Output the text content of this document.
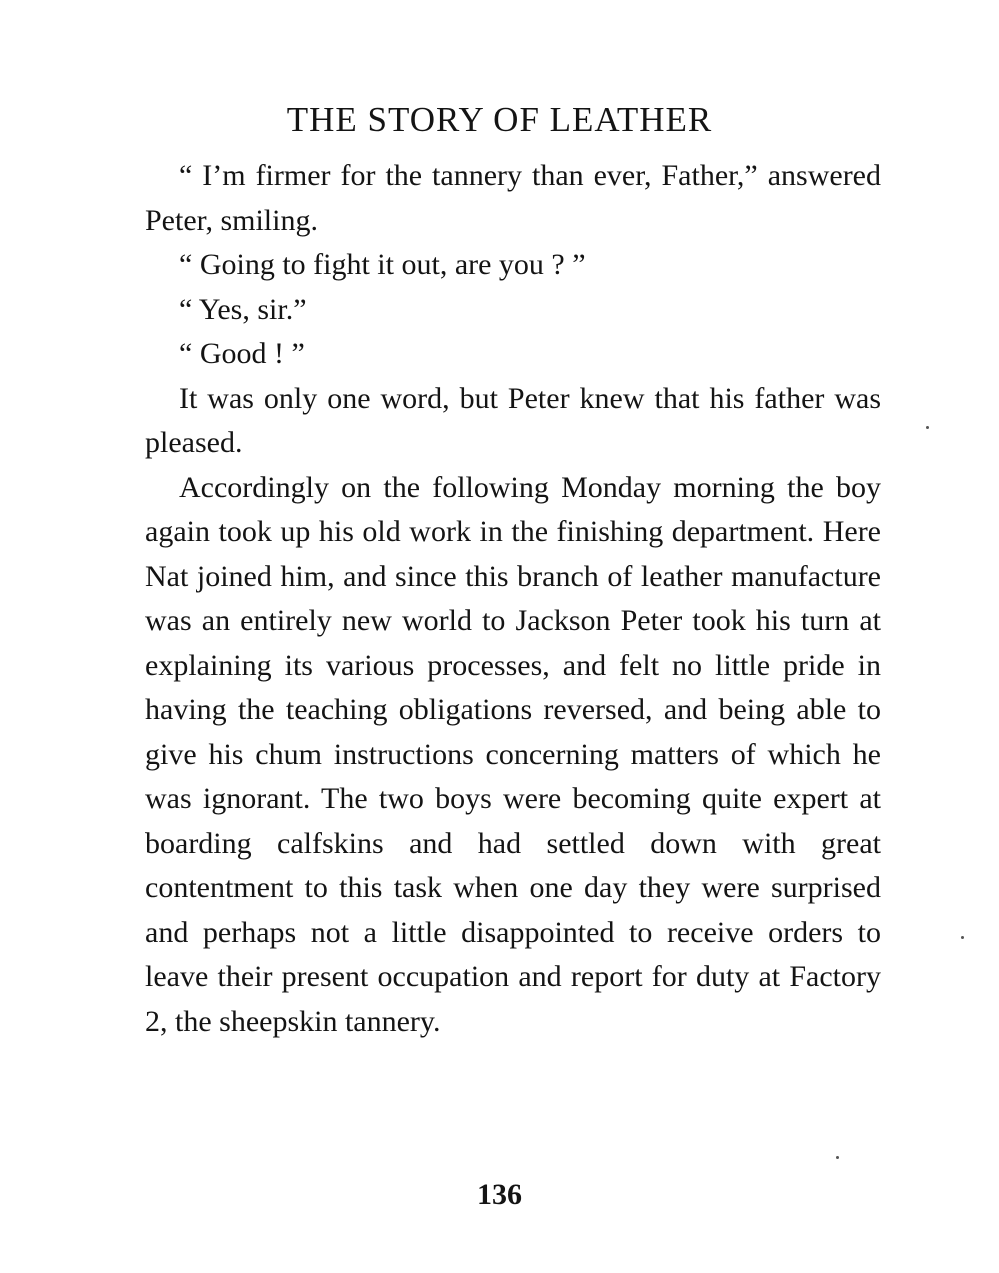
THE STORY OF LEATHER

“ I’m firmer for the tannery than ever, Father,” answered Peter, smiling.

“ Going to fight it out, are you ? ”

“ Yes, sir.”

“ Good ! ”

It was only one word, but Peter knew that his father was pleased.

Accordingly on the following Monday morning the boy again took up his old work in the finishing department. Here Nat joined him, and since this branch of leather manufacture was an entirely new world to Jackson Peter took his turn at explaining its various processes, and felt no little pride in having the teaching obligations reversed, and being able to give his chum instructions concerning matters of which he was ignorant. The two boys were becoming quite expert at boarding calfskins and had settled down with great contentment to this task when one day they were surprised and perhaps not a little disappointed to receive orders to leave their present occupation and report for duty at Factory 2, the sheepskin tannery.

136
